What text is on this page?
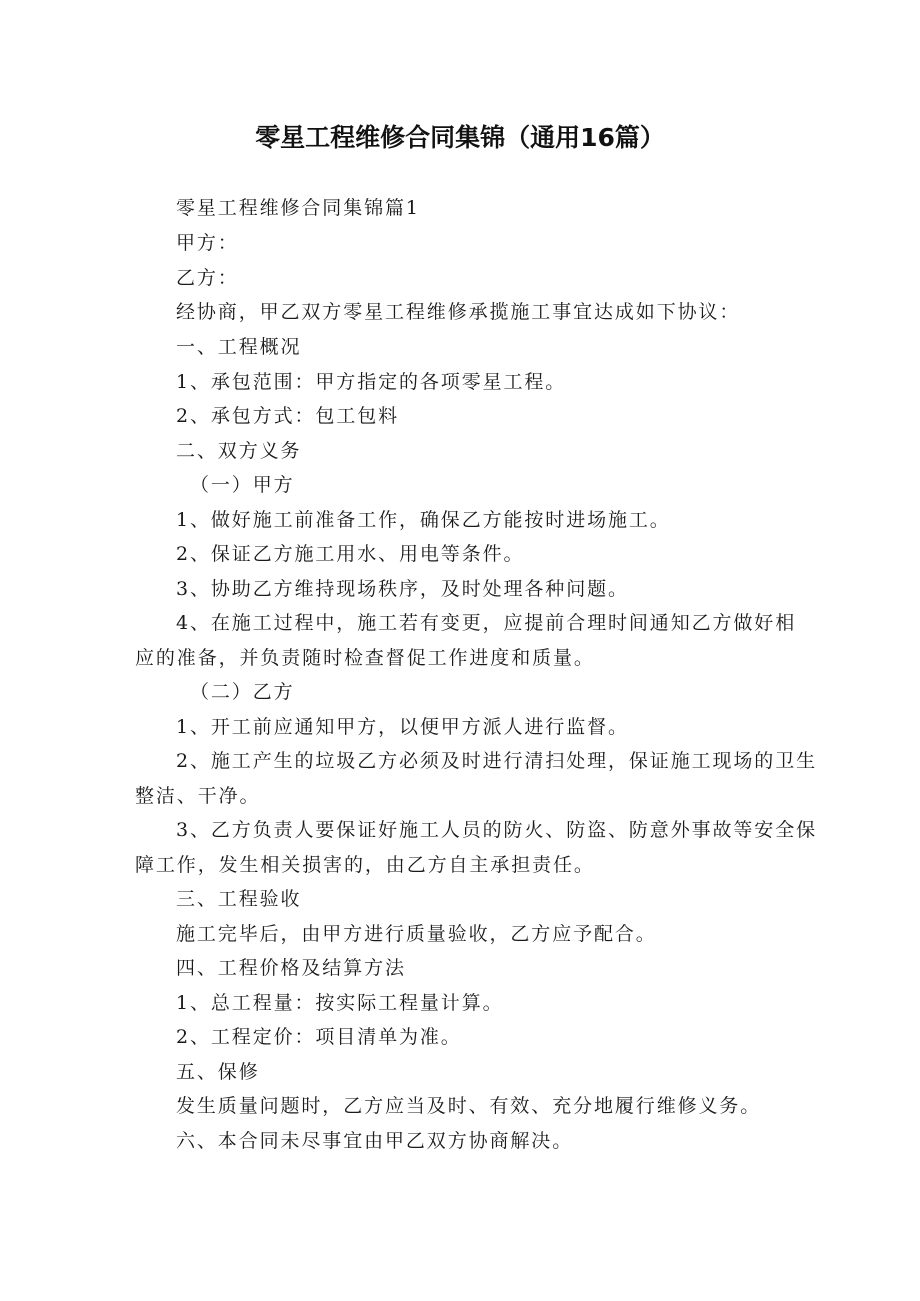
零星工程维修合同集锦（通用16篇）
零星工程维修合同集锦篇1
甲方：
乙方：
经协商，甲乙双方零星工程维修承揽施工事宜达成如下协议：
一、工程概况
1、承包范围：甲方指定的各项零星工程。
2、承包方式：包工包料
二、双方义务
（一）甲方
1、做好施工前准备工作，确保乙方能按时进场施工。
2、保证乙方施工用水、用电等条件。
3、协助乙方维持现场秩序，及时处理各种问题。
4、在施工过程中，施工若有变更，应提前合理时间通知乙方做好相
应的准备，并负责随时检查督促工作进度和质量。
（二）乙方
1、开工前应通知甲方，以便甲方派人进行监督。
2、施工产生的垃圾乙方必须及时进行清扫处理，保证施工现场的卫生
整洁、干净。
3、乙方负责人要保证好施工人员的防火、防盗、防意外事故等安全保
障工作，发生相关损害的，由乙方自主承担责任。
三、工程验收
施工完毕后，由甲方进行质量验收，乙方应予配合。
四、工程价格及结算方法
1、总工程量：按实际工程量计算。
2、工程定价：项目清单为准。
五、保修
发生质量问题时，乙方应当及时、有效、充分地履行维修义务。
六、本合同未尽事宜由甲乙双方协商解决。
